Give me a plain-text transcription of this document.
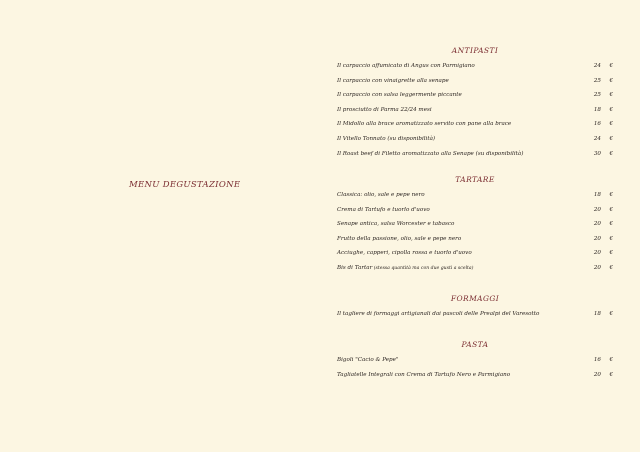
MENU DEGUSTAZIONE
ANTIPASTI
Il carpaccio affumicato di Angus con Parmigiano	24 €
Il carpaccio con vinaigrette alla senape	25 €
Il carpaccio con salsa leggermente piccante	25 €
Il prosciutto di Parma 22/24 mesi	18 €
Il Midollo alla brace aromatizzato servito con pane alla brace	16 €
Il Vitello Tonnato (su disponibilità)	24 €
Il Roast beef di Filetto aromatizzato alla Senape (su disponibilità)	30 €
TARTARE
Classica: olio, sale e pepe nero	18 €
Crema di Tartufo e tuorlo d'uovo	20 €
Senape antica, salsa Worcester e tabasco	20 €
Frutto della passione, olio, sale e pepe nero	20 €
Acciughe, capperi, cipolla rossa e tuorlo d'uovo	20 €
Bis di Tartar (stessa quantità ma con due gusti a scelta)	20 €
FORMAGGI
Il tagliere di formaggi artigianali dai pascoli delle Prealpi del Varesotto	18 €
PASTA
Bigoli "Cacio & Pepe"	16 €
Tagliatelle Integrali con Crema di Tartufo Nero e Parmigiano	20 €
